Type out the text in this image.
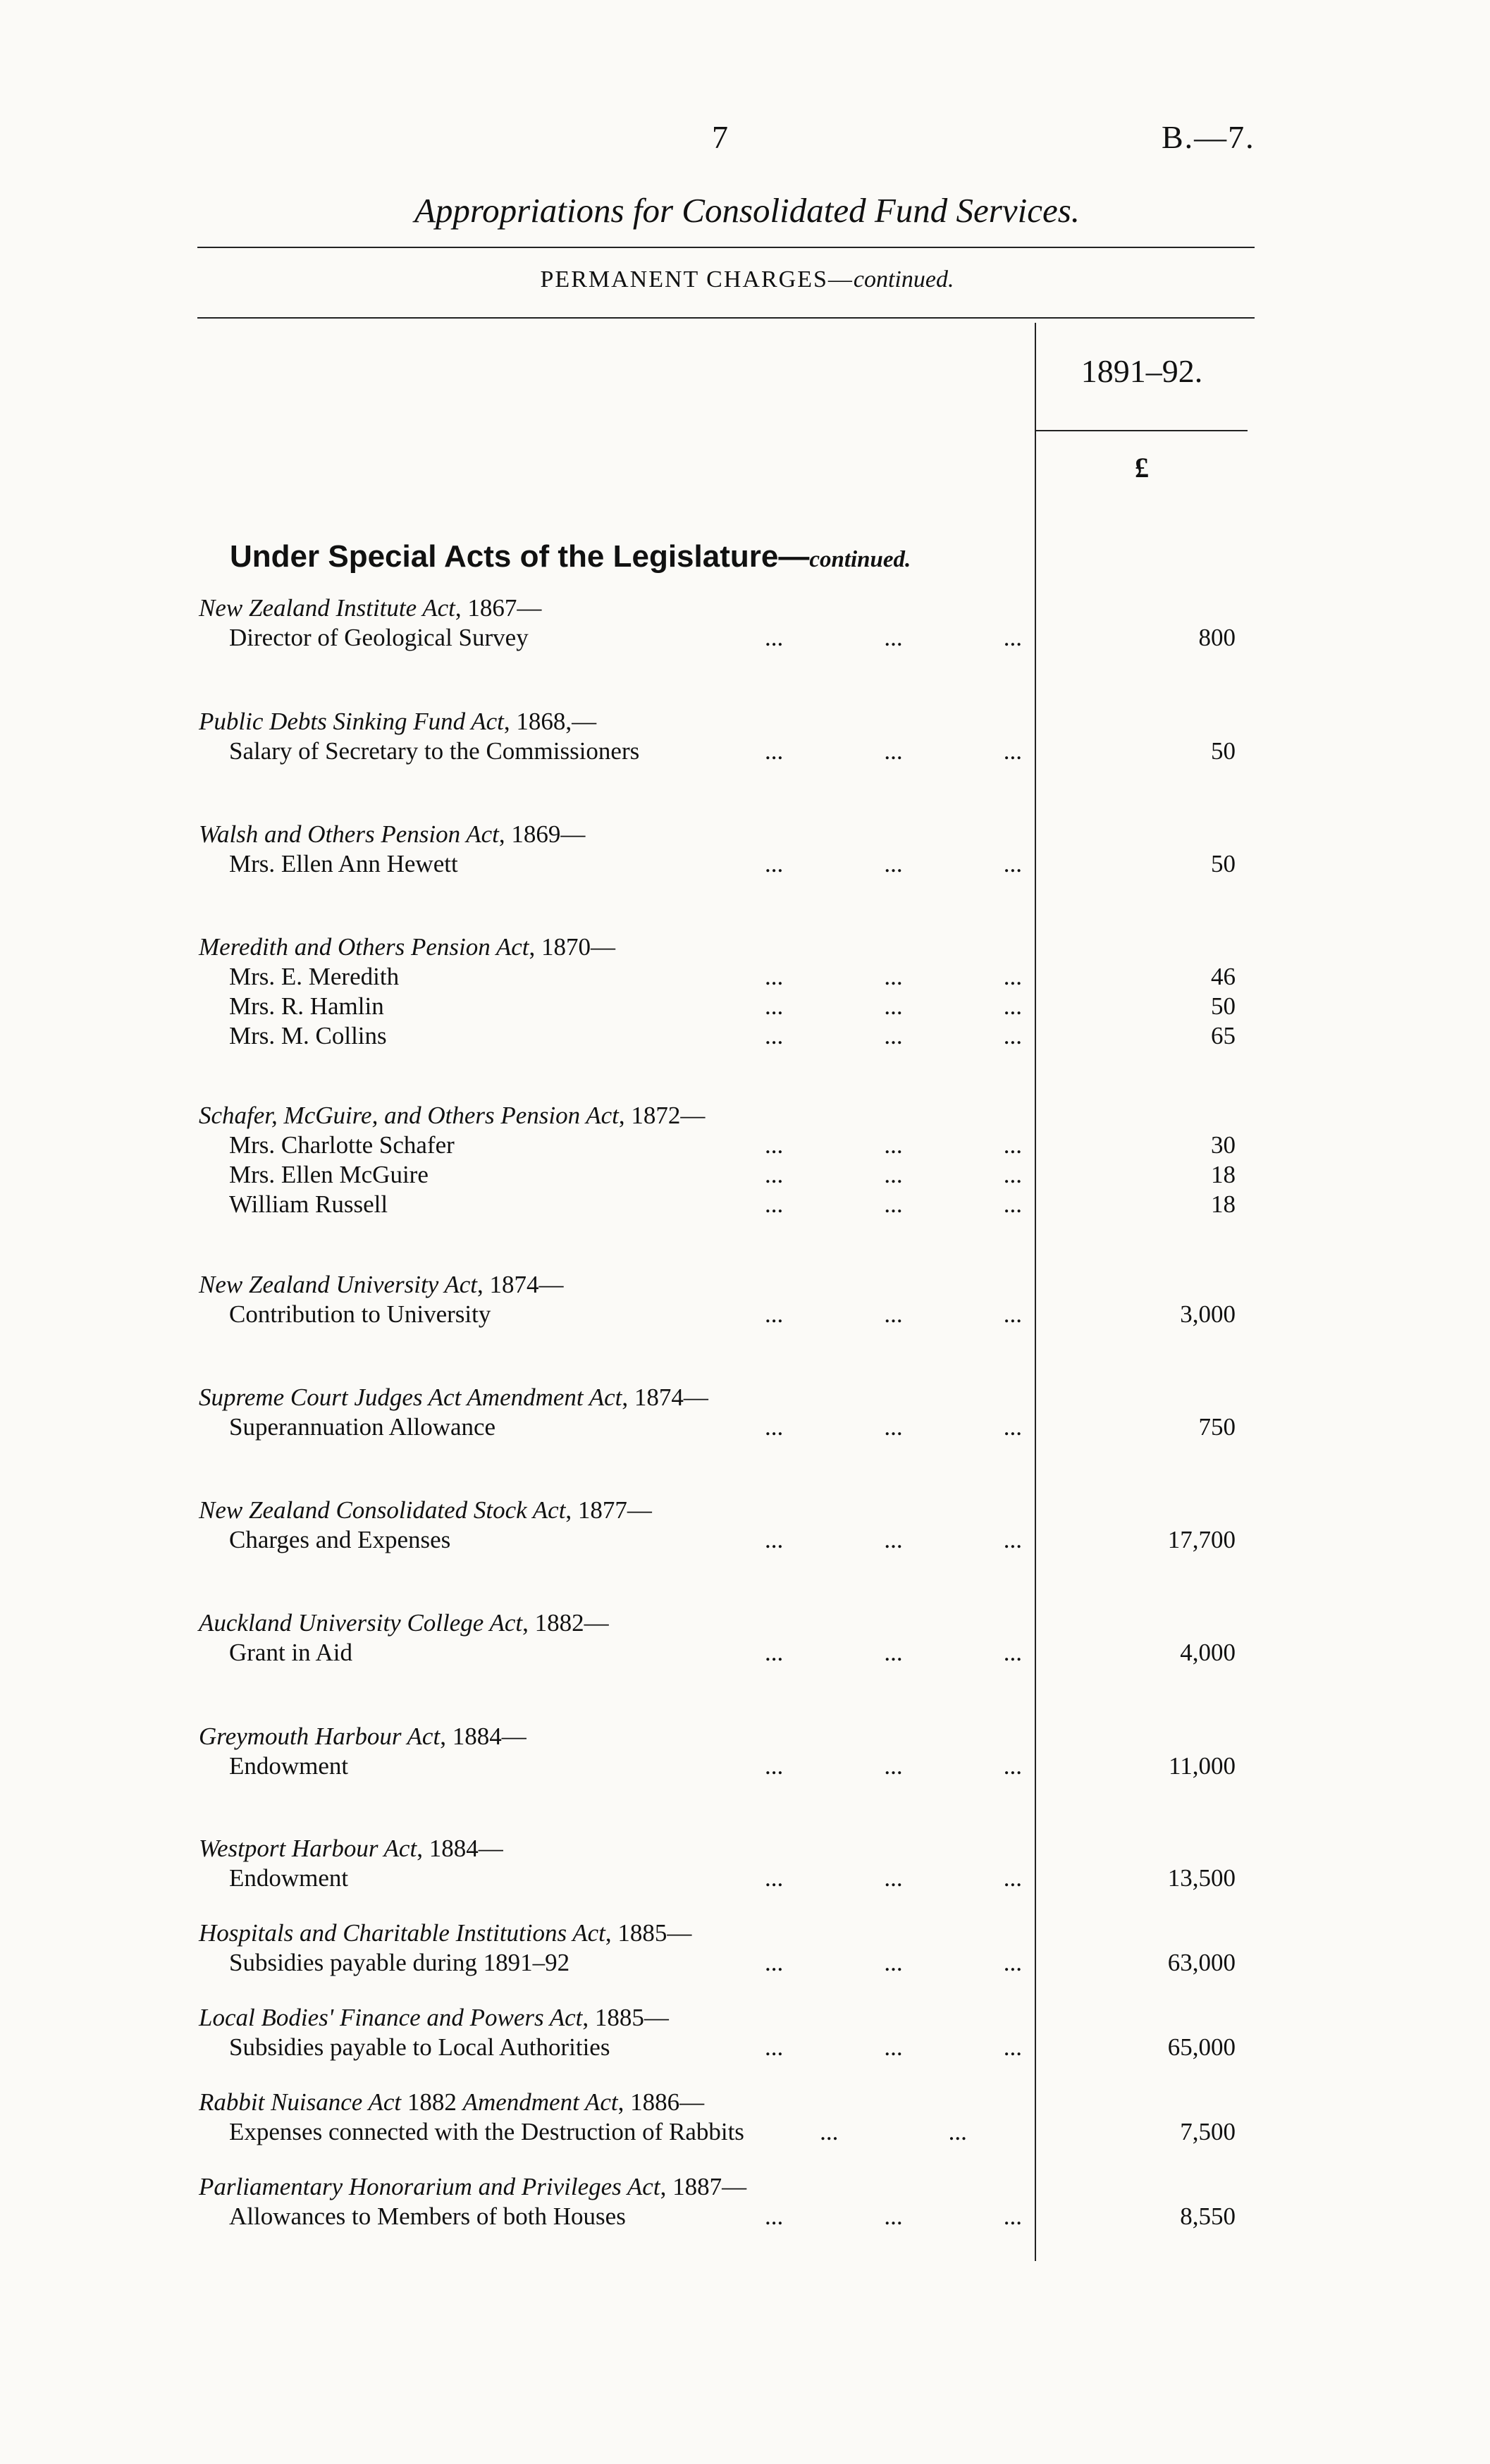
7	B.—7.
Appropriations for Consolidated Fund Services.
PERMANENT CHARGES—continued.
1891–92.
£
Under Special Acts of the Legislature—continued.
New Zealand Institute Act, 1867—
Director of Geological Survey	...	...	...	800
Public Debts Sinking Fund Act, 1868,—
Salary of Secretary to the Commissioners	...	...	...	50
Walsh and Others Pension Act, 1869—
Mrs. Ellen Ann Hewett	...	...	...	50
Meredith and Others Pension Act, 1870—
Mrs. E. Meredith	...	...	...	46
Mrs. R. Hamlin	...	...	...	50
Mrs. M. Collins	...	...	...	65
Schafer, McGuire, and Others Pension Act, 1872—
Mrs. Charlotte Schafer	...	...	...	30
Mrs. Ellen McGuire	...	...	...	18
William Russell	...	...	...	18
New Zealand University Act, 1874—
Contribution to University	...	...	...	3,000
Supreme Court Judges Act Amendment Act, 1874—
Superannuation Allowance	...	...	...	750
New Zealand Consolidated Stock Act, 1877—
Charges and Expenses	...	...	...	17,700
Auckland University College Act, 1882—
Grant in Aid	...	...	...	4,000
Greymouth Harbour Act, 1884—
Endowment	...	...	...	11,000
Westport Harbour Act, 1884—
Endowment	...	...	...	13,500
Hospitals and Charitable Institutions Act, 1885—
Subsidies payable during 1891–92	...	...	...	63,000
Local Bodies' Finance and Powers Act, 1885—
Subsidies payable to Local Authorities	...	...	...	65,000
Rabbit Nuisance Act 1882 Amendment Act, 1886—
Expenses connected with the Destruction of Rabbits	...	...	7,500
Parliamentary Honorarium and Privileges Act, 1887—
Allowances to Members of both Houses	...	...	...	8,550
